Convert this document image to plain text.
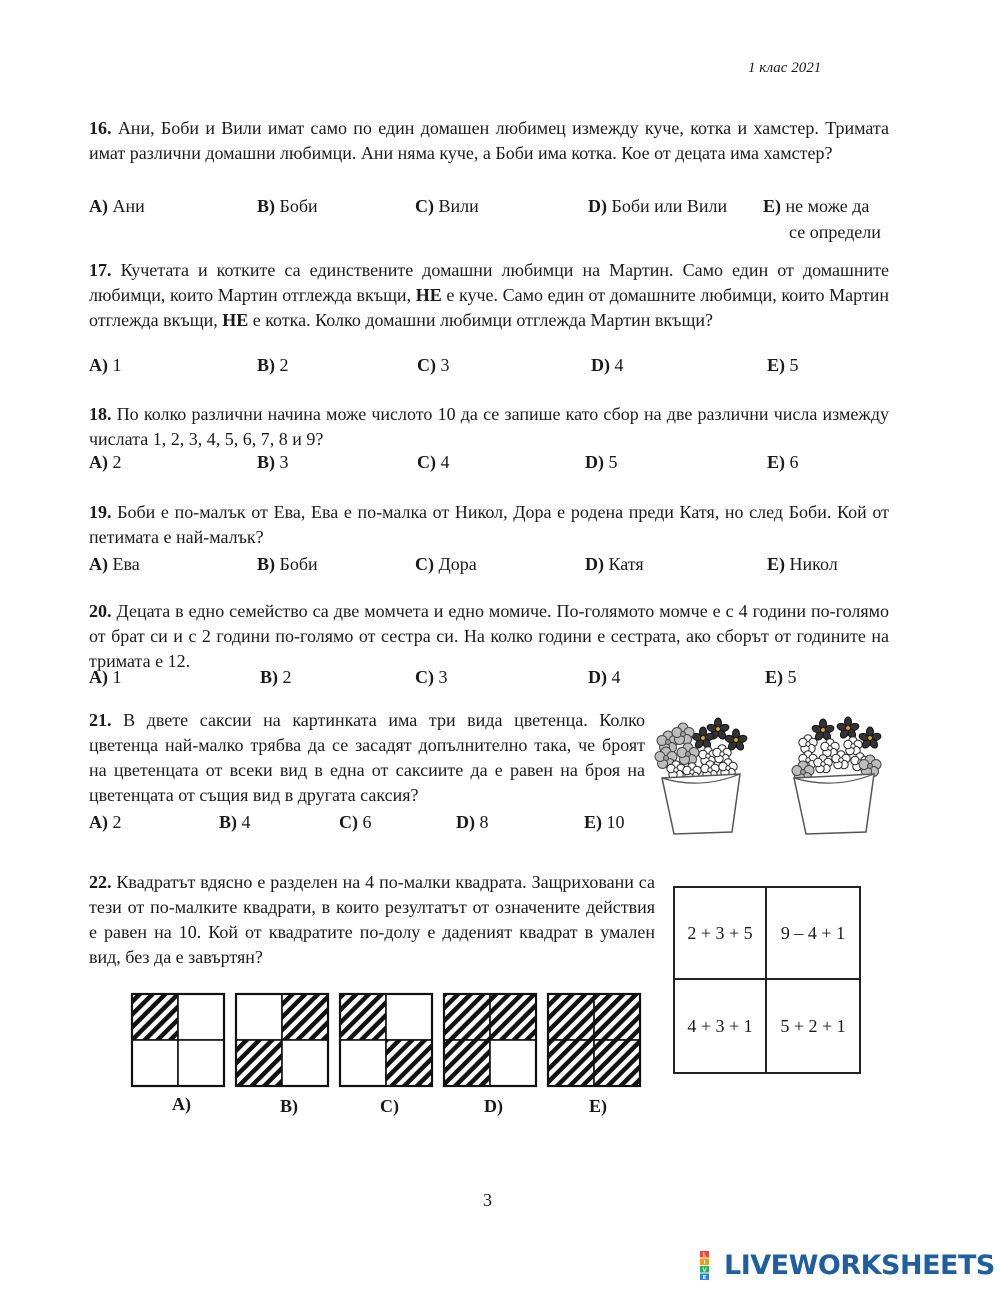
1 клас 2021
16. Ани, Боби и Вили имат само по един домашен любимец измежду куче, котка и хамстер. Тримата имат различни домашни любимци. Ани няма куче, а Боби има котка. Кое от децата има хамстер?
A) Ани	B) Боби	C) Вили	D) Боби или Вили E) не може да
се определи
17. Кучетата и котките са единствените домашни любимци на Мартин. Само един от домашните любимци, които Мартин отглежда вкъщи, НЕ е куче. Само един от домашните любимци, които Мартин отглежда вкъщи, НЕ е котка. Колко домашни любимци отглежда Мартин вкъщи?
A) 1	B) 2	C) 3	D) 4	E) 5
18. По колко различни начина може числото 10 да се запише като сбор на две различни числа измежду числата 1, 2, 3, 4, 5, 6, 7, 8 и 9?
A) 2	B) 3	C) 4	D) 5	E) 6
19. Боби е по-малък от Ева, Ева е по-малка от Никол, Дора е родена преди Катя, но след Боби. Кой от петимата е най-малък?
A) Ева	B) Боби	C) Дора	D) Катя	E) Никол
20. Децата в едно семейство са две момчета и едно момиче. По-голямото момче е с 4 години по-голямо от брат си и с 2 години по-голямо от сестра си. На колко години е сестрата, ако сборът от годините на тримата е 12.
A) 1	B) 2	C) 3	D) 4	E) 5
21. В двете саксии на картинката има три вида цветенца. Колко цветенца най-малко трябва да се засадят допълнително така, че броят на цветенцата от всеки вид в една от саксиите да е равен на броя на цветенцата от същия вид в другата саксия?
A) 2	B) 4	C) 6	D) 8	E) 10
22. Квадратът вдясно е разделен на 4 по-малки квадрата. Защриховани са тези от по-малките квадрати, в които резултатът от означените действия е равен на 10. Кой от квадратите по-долу е даденият квадрат в умален вид, без да е завъртян?
2 + 3 + 5	9 – 4 + 1
4 + 3 + 1	5 + 2 + 1
A)	B)	C)	D)	E)
3
L
I
V
E LIVEWORKSHEETS
